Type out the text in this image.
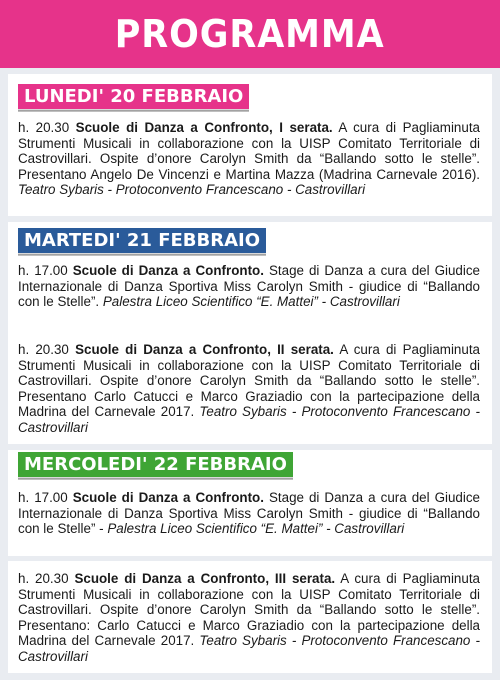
PROGRAMMA
LUNEDI' 20 FEBBRAIO
MARTEDI' 21 FEBBRAIO
MERCOLEDI' 22 FEBBRAIO

h. 20.30 Scuole di Danza a Confronto, I serata. A cura di Pagliaminuta Strumenti Musicali in collaborazione con la UISP Comitato Territoriale di Castrovillari. Ospite d’onore Carolyn Smith da “Ballando sotto le stelle”. Presentano Angelo De Vincenzi e Martina Mazza (Madrina Carnevale 2016). Teatro Sybaris - Protoconvento Francescano - Castrovillari

h. 17.00 Scuole di Danza a Confronto. Stage di Danza a cura del Giudice Internazionale di Danza Sportiva Miss Carolyn Smith - giudice di “Ballando con le Stelle”. Palestra Liceo Scientifico “E. Mattei” - Castrovillari

h. 20.30 Scuole di Danza a Confronto, II serata. A cura di Pagliaminuta Strumenti Musicali in collaborazione con la UISP Comitato Territoriale di Castrovillari. Ospite d’onore Carolyn Smith da “Ballando sotto le stelle”. Presentano Carlo Catucci e Marco Graziadio con la partecipazione della Madrina del Carnevale 2017. Teatro Sybaris - Protoconvento Francescano - Castrovillari

h. 17.00 Scuole di Danza a Confronto. Stage di Danza a cura del Giudice Internazionale di Danza Sportiva Miss Carolyn Smith - giudice di “Ballando con le Stelle” - Palestra Liceo Scientifico “E. Mattei” - Castrovillari

h. 20.30 Scuole di Danza a Confronto, III serata. A cura di Pagliaminuta Strumenti Musicali in collaborazione con la UISP Comitato Territoriale di Castrovillari. Ospite d’onore Carolyn Smith da “Ballando sotto le stelle”. Presentano: Carlo Catucci e Marco Graziadio con la partecipazione della Madrina del Carnevale 2017. Teatro Sybaris - Protoconvento Francescano - Castrovillari
